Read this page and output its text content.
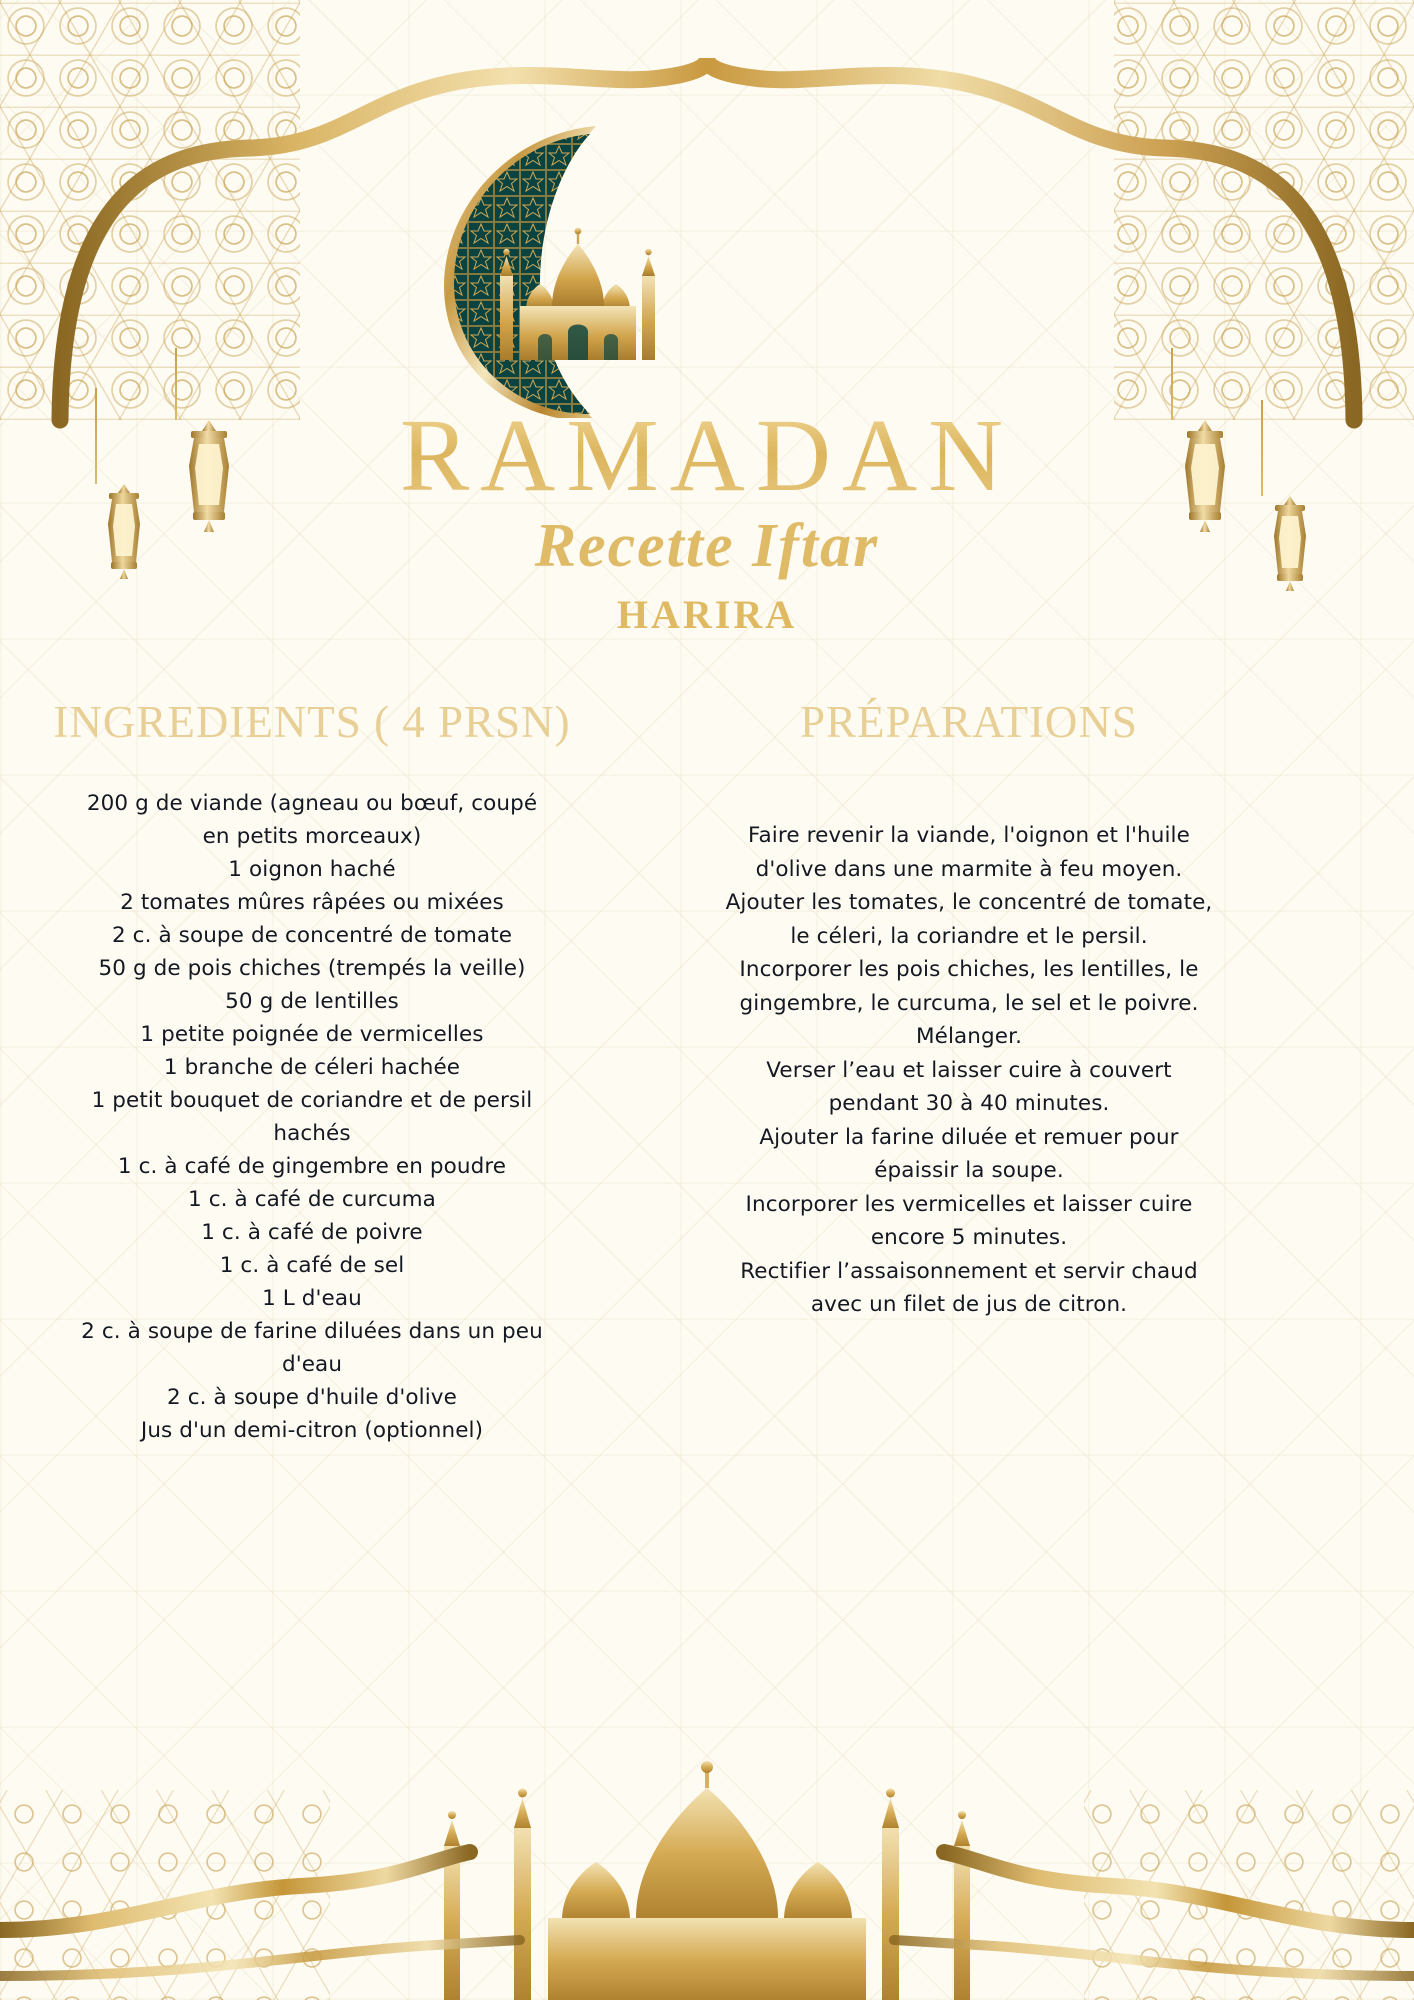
RAMADAN
Recette Iftar
HARIRA
INGREDIENTS ( 4 PRSN)

200 g de viande (agneau ou bœuf, coupé

en petits morceaux)

1 oignon haché

2 tomates mûres râpées ou mixées

2 c. à soupe de concentré de tomate

50 g de pois chiches (trempés la veille)

50 g de lentilles

1 petite poignée de vermicelles

1 branche de céleri hachée

1 petit bouquet de coriandre et de persil

hachés

1 c. à café de gingembre en poudre

1 c. à café de curcuma

1 c. à café de poivre

1 c. à café de sel

1 L d'eau

2 c. à soupe de farine diluées dans un peu

d'eau

2 c. à soupe d'huile d'olive

Jus d'un demi-citron (optionnel)

PRÉPARATIONS

Faire revenir la viande, l'oignon et l'huile

d'olive dans une marmite à feu moyen.

Ajouter les tomates, le concentré de tomate,

le céleri, la coriandre et le persil.

Incorporer les pois chiches, les lentilles, le

gingembre, le curcuma, le sel et le poivre.

Mélanger.

Verser l’eau et laisser cuire à couvert

pendant 30 à 40 minutes.

Ajouter la farine diluée et remuer pour

épaissir la soupe.

Incorporer les vermicelles et laisser cuire

encore 5 minutes.

Rectifier l’assaisonnement et servir chaud

avec un filet de jus de citron.
